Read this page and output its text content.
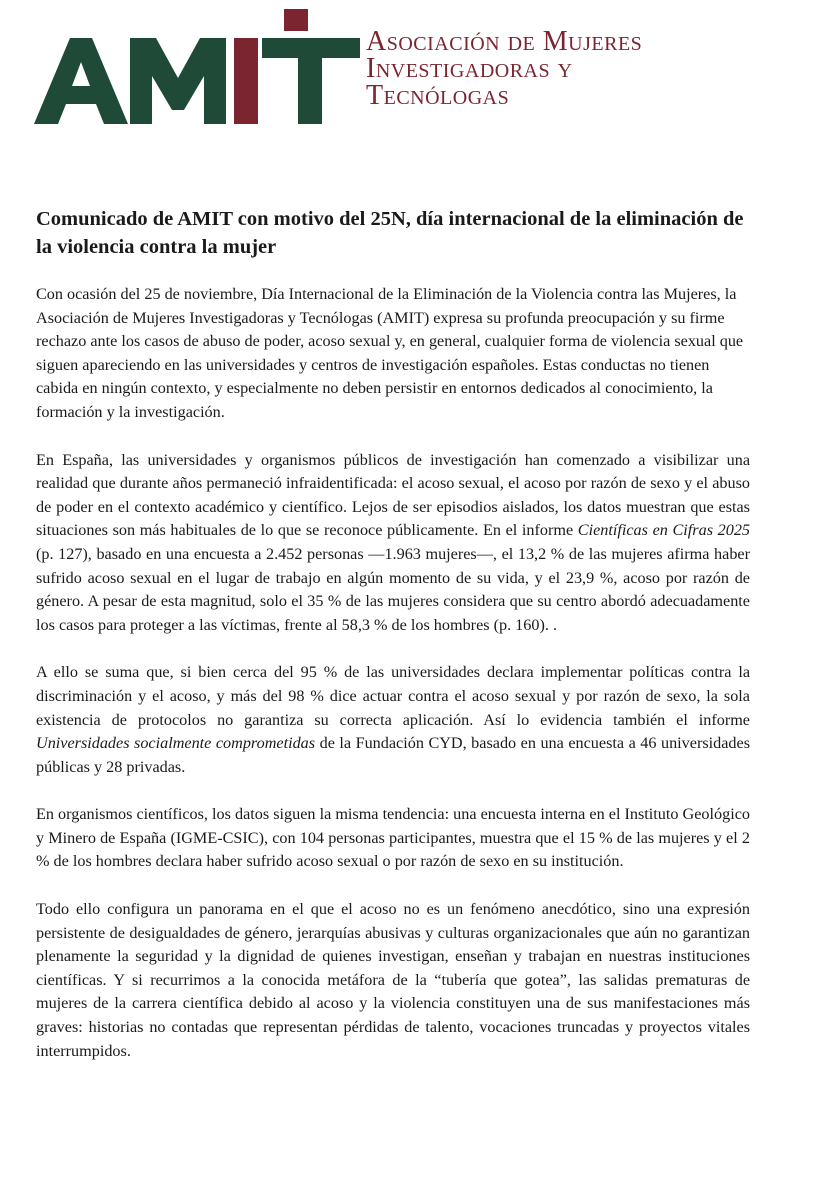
Asociación de Mujeres
Investigadoras y
Tecnólogas
Comunicado de AMIT con motivo del 25N, día internacional de la eliminación de la violencia contra la mujer

Con ocasión del 25 de noviembre, Día Internacional de la Eliminación de la Violencia contra las Mujeres, la Asociación de Mujeres Investigadoras y Tecnólogas (AMIT) expresa su profunda preocupación y su firme rechazo ante los casos de abuso de poder, acoso sexual y, en general, cualquier forma de violencia sexual que siguen apareciendo en las universidades y centros de investigación españoles. Estas conductas no tienen cabida en ningún contexto, y especialmente no deben persistir en entornos dedicados al conocimiento, la formación y la investigación.

En España, las universidades y organismos públicos de investigación han comenzado a visibilizar una realidad que durante años permaneció infraidentificada: el acoso sexual, el acoso por razón de sexo y el abuso de poder en el contexto académico y científico. Lejos de ser episodios aislados, los datos muestran que estas situaciones son más habituales de lo que se reconoce públicamente. En el informe Científicas en Cifras 2025 (p. 127), basado en una encuesta a 2.452 personas —1.963 mujeres—, el 13,2 % de las mujeres afirma haber sufrido acoso sexual en el lugar de trabajo en algún momento de su vida, y el 23,9 %, acoso por razón de género. A pesar de esta magnitud, solo el 35 % de las mujeres considera que su centro abordó adecuadamente los casos para proteger a las víctimas, frente al 58,3 % de los hombres (p. 160). .

A ello se suma que, si bien cerca del 95 % de las universidades declara implementar políticas contra la discriminación y el acoso, y más del 98 % dice actuar contra el acoso sexual y por razón de sexo, la sola existencia de protocolos no garantiza su correcta aplicación. Así lo evidencia también el informe Universidades socialmente comprometidas de la Fundación CYD, basado en una encuesta a 46 universidades públicas y 28 privadas.

En organismos científicos, los datos siguen la misma tendencia: una encuesta interna en el Instituto Geológico y Minero de España (IGME-CSIC), con 104 personas participantes, muestra que el 15 % de las mujeres y el 2 % de los hombres declara haber sufrido acoso sexual o por razón de sexo en su institución.

Todo ello configura un panorama en el que el acoso no es un fenómeno anecdótico, sino una expresión persistente de desigualdades de género, jerarquías abusivas y culturas organizacionales que aún no garantizan plenamente la seguridad y la dignidad de quienes investigan, enseñan y trabajan en nuestras instituciones científicas. Y si recurrimos a la conocida metáfora de la “tubería que gotea”, las salidas prematuras de mujeres de la carrera científica debido al acoso y la violencia constituyen una de sus manifestaciones más graves: historias no contadas que representan pérdidas de talento, vocaciones truncadas y proyectos vitales interrumpidos.
